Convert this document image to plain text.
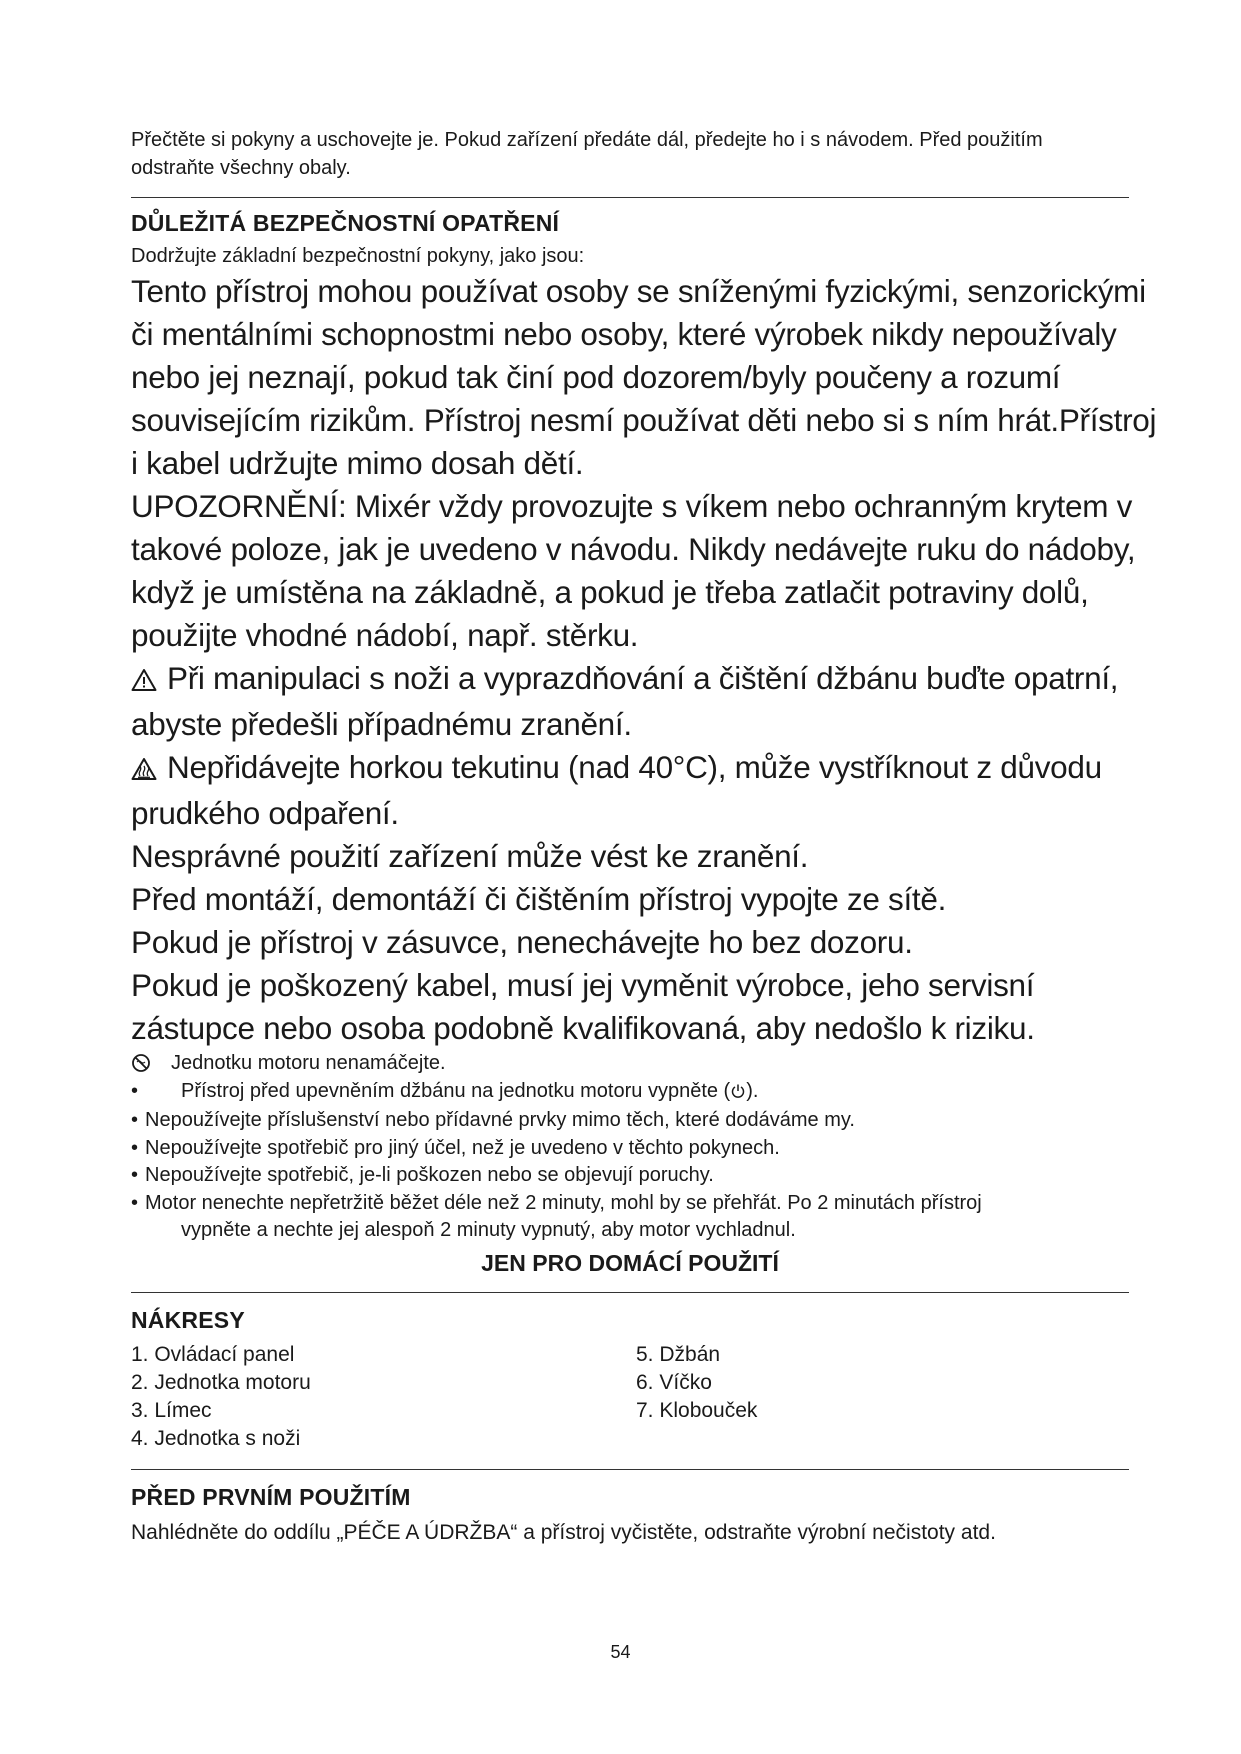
Přečtěte si pokyny a uschovejte je. Pokud zařízení předáte dál, předejte ho i s návodem. Před použitím
odstraňte všechny obaly.

DŮLEŽITÁ BEZPEČNOSTNÍ OPATŘENÍ

Dodržujte základní bezpečnostní pokyny, jako jsou:

Tento přístroj mohou používat osoby se sníženými fyzickými, senzorickými
či mentálními schopnostmi nebo osoby, které výrobek nikdy nepoužívaly
nebo jej neznají, pokud tak činí pod dozorem/byly poučeny a rozumí
souvisejícím rizikům. Přístroj nesmí používat děti nebo si s ním hrát.Přístroj
i kabel udržujte mimo dosah dětí.
UPOZORNĚNÍ: Mixér vždy provozujte s víkem nebo ochranným krytem v
takové poloze, jak je uvedeno v návodu. Nikdy nedávejte ruku do nádoby,
když je umístěna na základně, a pokud je třeba zatlačit potraviny dolů,
použijte vhodné nádobí, např. stěrku.
Při manipulaci s noži a vyprazdňování a čištění džbánu buďte opatrní,
abyste předešli případnému zranění.
Nepřidávejte horkou tekutinu (nad 40°C), může vystříknout z důvodu
prudkého odpaření.
Nesprávné použití zařízení může vést ke zranění.
Před montáží, demontáží či čištěním přístroj vypojte ze sítě.
Pokud je přístroj v zásuvce, nenechávejte ho bez dozoru.
Pokud je poškozený kabel, musí jej vyměnit výrobce, jeho servisní
zástupce nebo osoba podobně kvalifikovaná, aby nedošlo k riziku.
Jednotku motoru nenamáčejte.
• Přístroj před upevněním džbánu na jednotku motoru vypněte ( ).
• Nepoužívejte příslušenství nebo přídavné prvky mimo těch, které dodáváme my.
• Nepoužívejte spotřebič pro jiný účel, než je uvedeno v těchto pokynech.
• Nepoužívejte spotřebič, je-li poškozen nebo se objevují poruchy.
• Motor nenechte nepřetržitě běžet déle než 2 minuty, mohl by se přehřát. Po 2 minutách přístroj
vypněte a nechte jej alespoň 2 minuty vypnutý, aby motor vychladnul.

JEN PRO DOMÁCÍ POUŽITÍ

NÁKRESY
1. Ovládací panel
2. Jednotka motoru
3. Límec
4. Jednotka s noži
5. Džbán
6. Víčko
7. Klobouček
PŘED PRVNÍM POUŽITÍM

Nahlédněte do oddílu „PÉČE A ÚDRŽBA“ a přístroj vyčistěte, odstraňte výrobní nečistoty atd.

54
